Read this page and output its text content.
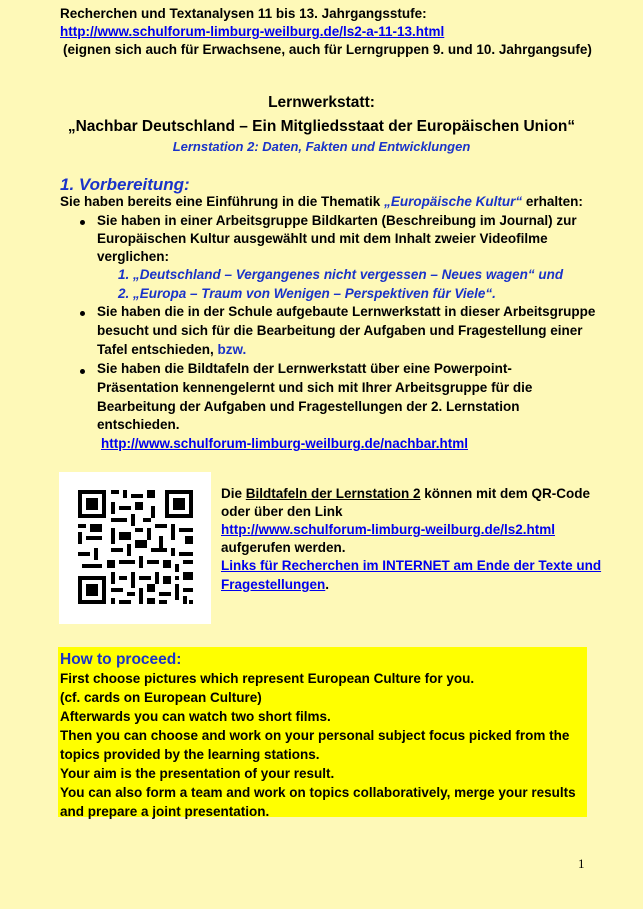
Recherchen und Textanalysen 11 bis 13. Jahrgangsstufe:
http://www.schulforum-limburg-weilburg.de/ls2-a-11-13.html
(eignen sich auch für Erwachsene, auch für Lerngruppen 9. und 10. Jahrgangsufe)
Lernwerkstatt:
„Nachbar Deutschland – Ein Mitgliedsstaat der Europäischen Union“
Lernstation 2: Daten, Fakten und Entwicklungen
1. Vorbereitung:
Sie haben bereits eine Einführung in die Thematik „Europäische Kultur“ erhalten:
Sie haben in einer Arbeitsgruppe Bildkarten (Beschreibung im Journal) zur
Europäischen Kultur ausgewählt und mit dem Inhalt zweier Videofilme
verglichen:
1. „Deutschland – Vergangenes nicht vergessen – Neues wagen“ und
2. „Europa – Traum von Wenigen – Perspektiven für Viele“.
Sie haben die in der Schule aufgebaute Lernwerkstatt in dieser Arbeitsgruppe
besucht und sich für die Bearbeitung der Aufgaben und Fragestellung einer
Tafel entschieden, bzw.
Sie haben die Bildtafeln der Lernwerkstatt über eine Powerpoint-
Präsentation kennengelernt und sich mit Ihrer Arbeitsgruppe für die
Bearbeitung der Aufgaben und Fragestellungen der 2. Lernstation
entschieden.
http://www.schulforum-limburg-weilburg.de/nachbar.html
Die Bildtafeln der Lernstation 2 können mit dem QR-Code
oder über den Link
http://www.schulforum-limburg-weilburg.de/ls2.html
aufgerufen werden.
Links für Recherchen im INTERNET am Ende der Texte und
Fragestellungen.
How to proceed:
First choose pictures which represent European Culture for you.
(cf. cards on European Culture)
Afterwards you can watch two short films.
Then you can choose and work on your personal subject focus picked from the
topics provided by the learning stations.
Your aim is the presentation of your result.
You can also form a team and work on topics collaboratively, merge your results
and prepare a joint presentation.
1
